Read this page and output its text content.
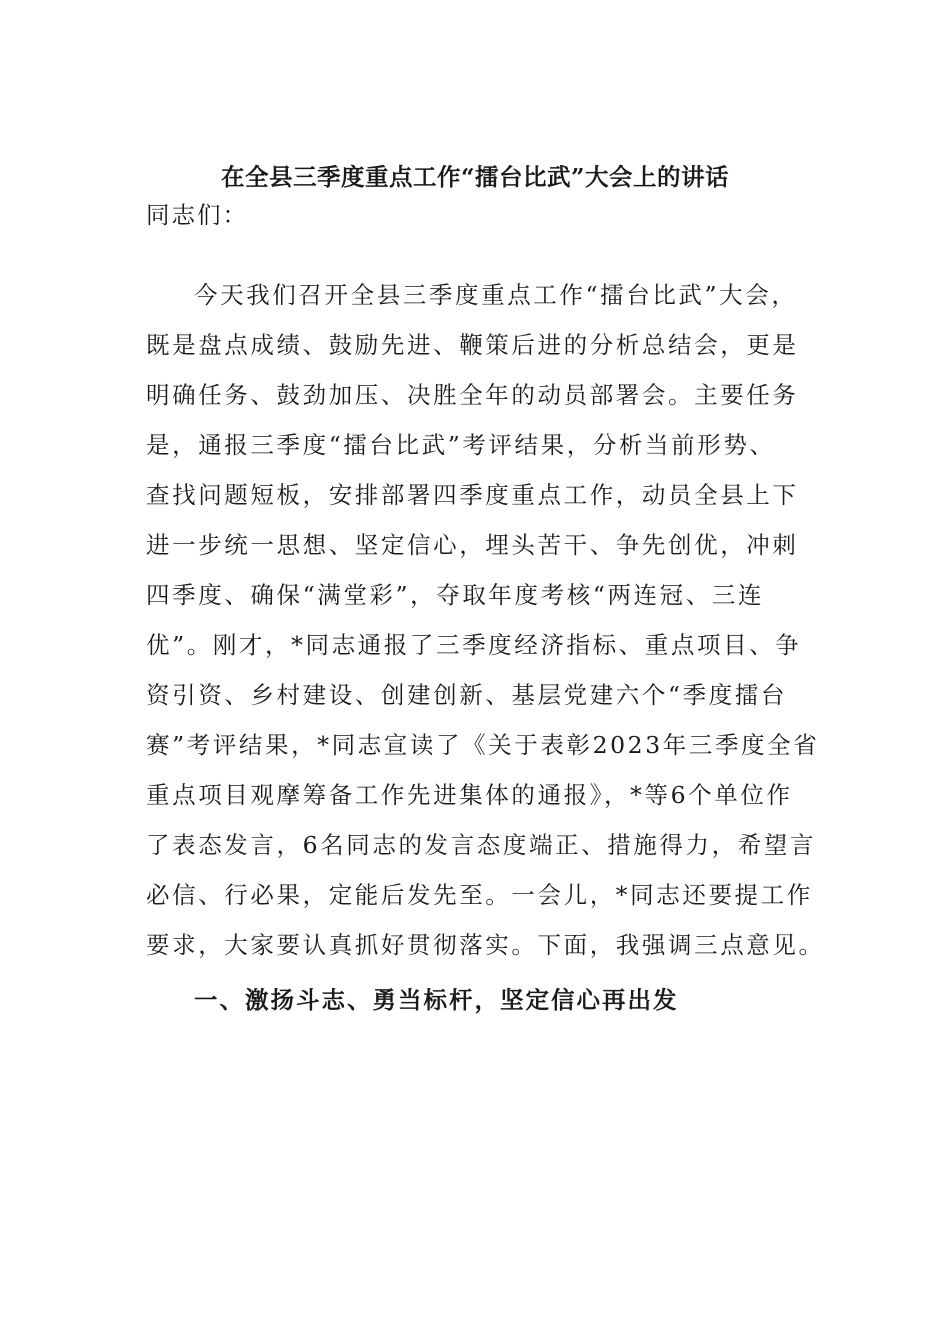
在全县三季度重点工作“擂台比武”大会上的讲话
同志们：
今天我们召开全县三季度重点工作“擂台比武”大会，
既是盘点成绩、鼓励先进、鞭策后进的分析总结会，更是
明确任务、鼓劲加压、决胜全年的动员部署会。主要任务
是，通报三季度“擂台比武”考评结果，分析当前形势、
查找问题短板，安排部署四季度重点工作，动员全县上下
进一步统一思想、坚定信心，埋头苦干、争先创优，冲刺
四季度、确保“满堂彩”，夺取年度考核“两连冠、三连
优”。刚才，*同志通报了三季度经济指标、重点项目、争
资引资、乡村建设、创建创新、基层党建六个“季度擂台
赛”考评结果，*同志宣读了《关于表彰2023年三季度全省
重点项目观摩筹备工作先进集体的通报》，*等6个单位作
了表态发言，6名同志的发言态度端正、措施得力，希望言
必信、行必果，定能后发先至。一会儿，*同志还要提工作
要求，大家要认真抓好贯彻落实。下面，我强调三点意见。
一、激扬斗志、勇当标杆，坚定信心再出发
